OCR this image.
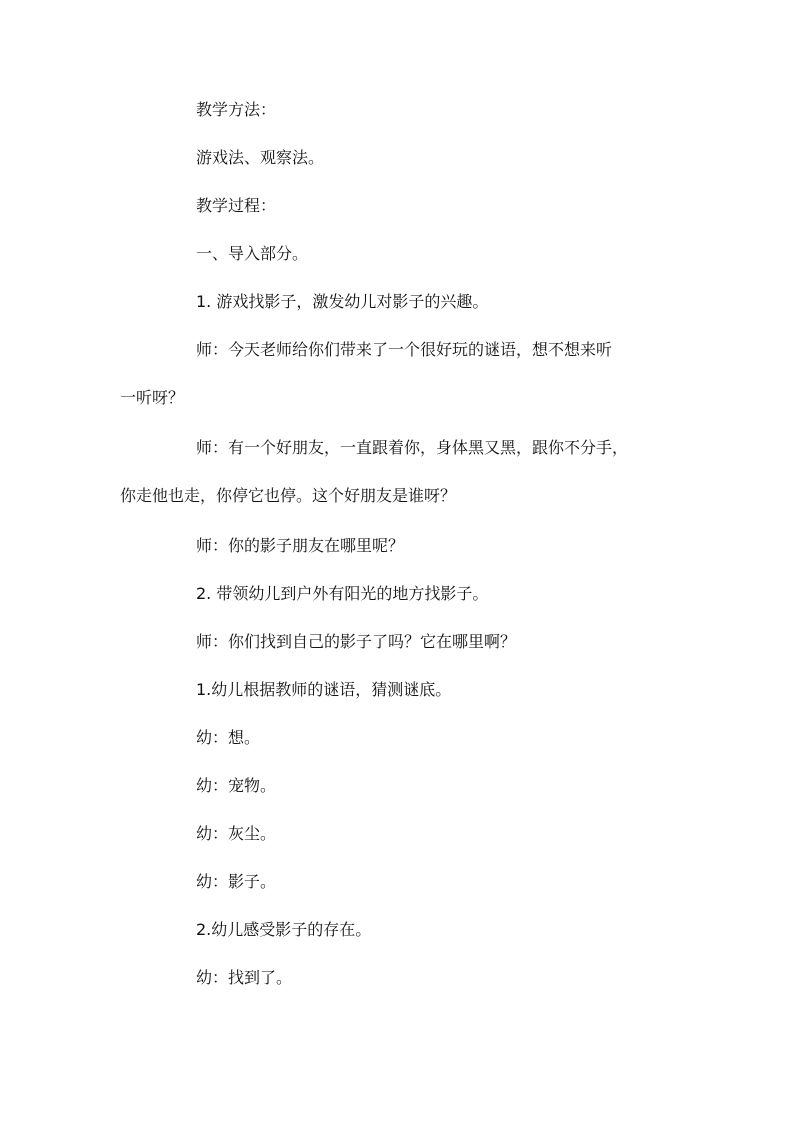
教学方法：

游戏法、观察法。

教学过程：

一、导入部分。

1. 游戏找影子，激发幼儿对影子的兴趣。

师：今天老师给你们带来了一个很好玩的谜语，想不想来听
一听呀？
师：有一个好朋友，一直跟着你，身体黑又黑，跟你不分手，
你走他也走，你停它也停。这个好朋友是谁呀？

师：你的影子朋友在哪里呢？

2. 带领幼儿到户外有阳光的地方找影子。

师：你们找到自己的影子了吗？它在哪里啊？

1.幼儿根据教师的谜语，猜测谜底。

幼：想。

幼：宠物。

幼：灰尘。

幼：影子。

2.幼儿感受影子的存在。

幼：找到了。
